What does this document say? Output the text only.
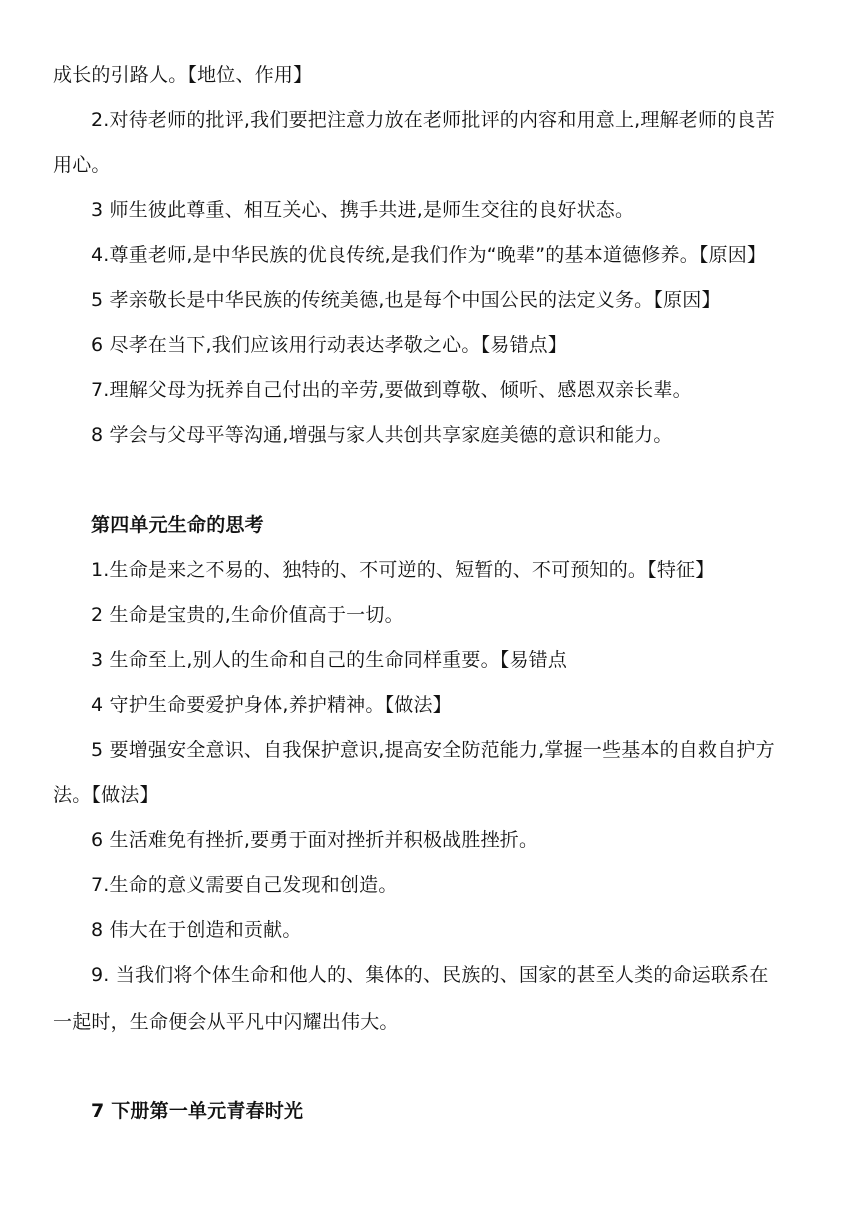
成长的引路人。【地位、作用】
2.对待老师的批评,我们要把注意力放在老师批评的内容和用意上,理解老师的良苦
用心。
3 师生彼此尊重、相互关心、携手共进,是师生交往的良好状态。
4.尊重老师,是中华民族的优良传统,是我们作为“晚辈”的基本道德修养。【原因】
5 孝亲敬长是中华民族的传统美德,也是每个中国公民的法定义务。【原因】
6 尽孝在当下,我们应该用行动表达孝敬之心。【易错点】
7.理解父母为抚养自己付出的辛劳,要做到尊敬、倾听、感恩双亲长辈。
8 学会与父母平等沟通,增强与家人共创共享家庭美德的意识和能力。
第四单元生命的思考
1.生命是来之不易的、独特的、不可逆的、短暂的、不可预知的。【特征】
2 生命是宝贵的,生命价值高于一切。
3 生命至上,别人的生命和自己的生命同样重要。【易错点
4 守护生命要爱护身体,养护精神。【做法】
5 要增强安全意识、自我保护意识,提高安全防范能力,掌握一些基本的自救自护方
法。【做法】
6 生活难免有挫折,要勇于面对挫折并积极战胜挫折。
7.生命的意义需要自己发现和创造。
8 伟大在于创造和贡献。
9. 当我们将个体生命和他人的、集体的、民族的、国家的甚至人类的命运联系在
一起时，生命便会从平凡中闪耀出伟大。
7 下册第一单元青春时光
